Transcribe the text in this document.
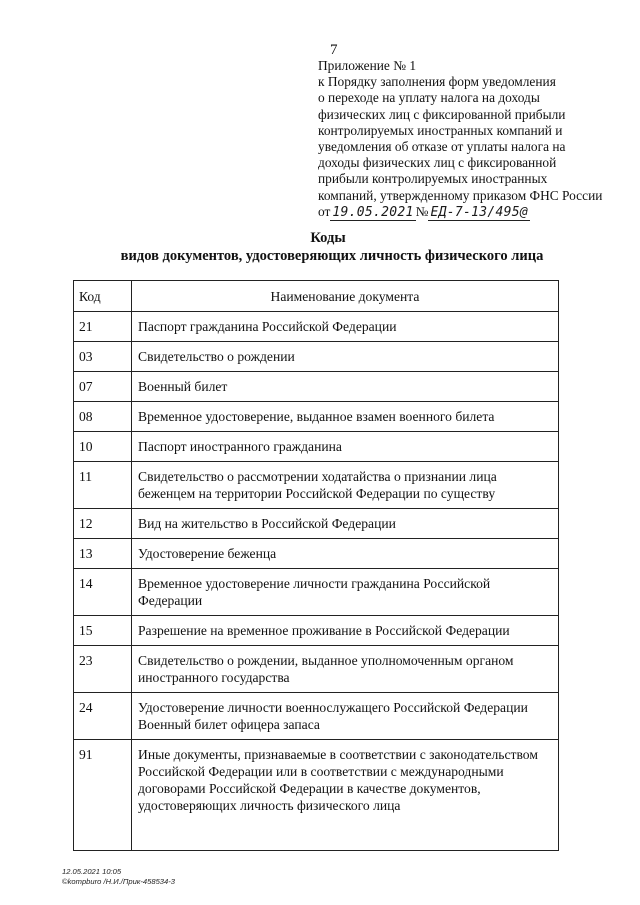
7
Приложение № 1
к Порядку заполнения форм уведомления
о переходе на уплату налога на доходы
физических лиц с фиксированной прибыли
контролируемых иностранных компаний и
уведомления об отказе от уплаты налога на
доходы физических лиц с фиксированной
прибыли контролируемых иностранных
компаний, утвержденному приказом ФНС России
от 19.05.2021 № ЕД-7-13/495@
Коды
видов документов, удостоверяющих личность физического лица
Код	Наименование документа
21	Паспорт гражданина Российской Федерации
03	Свидетельство о рождении
07	Военный билет
08	Временное удостоверение, выданное взамен военного билета
10	Паспорт иностранного гражданина
11	Свидетельство о рассмотрении ходатайства о признании лица беженцем на территории Российской Федерации по существу
12	Вид на жительство в Российской Федерации
13	Удостоверение беженца
14	Временное удостоверение личности гражданина Российской Федерации
15	Разрешение на временное проживание в Российской Федерации
23	Свидетельство о рождении, выданное уполномоченным органом иностранного государства
24	Удостоверение личности военнослужащего Российской Федерации Военный билет офицера запаса
91	Иные документы, признаваемые в соответствии с законодательством Российской Федерации или в соответствии с международными договорами Российской Федерации в качестве документов, удостоверяющих личность физического лица
12.05.2021 10:05
©kompburo /Н.И./Прик-458534-3
